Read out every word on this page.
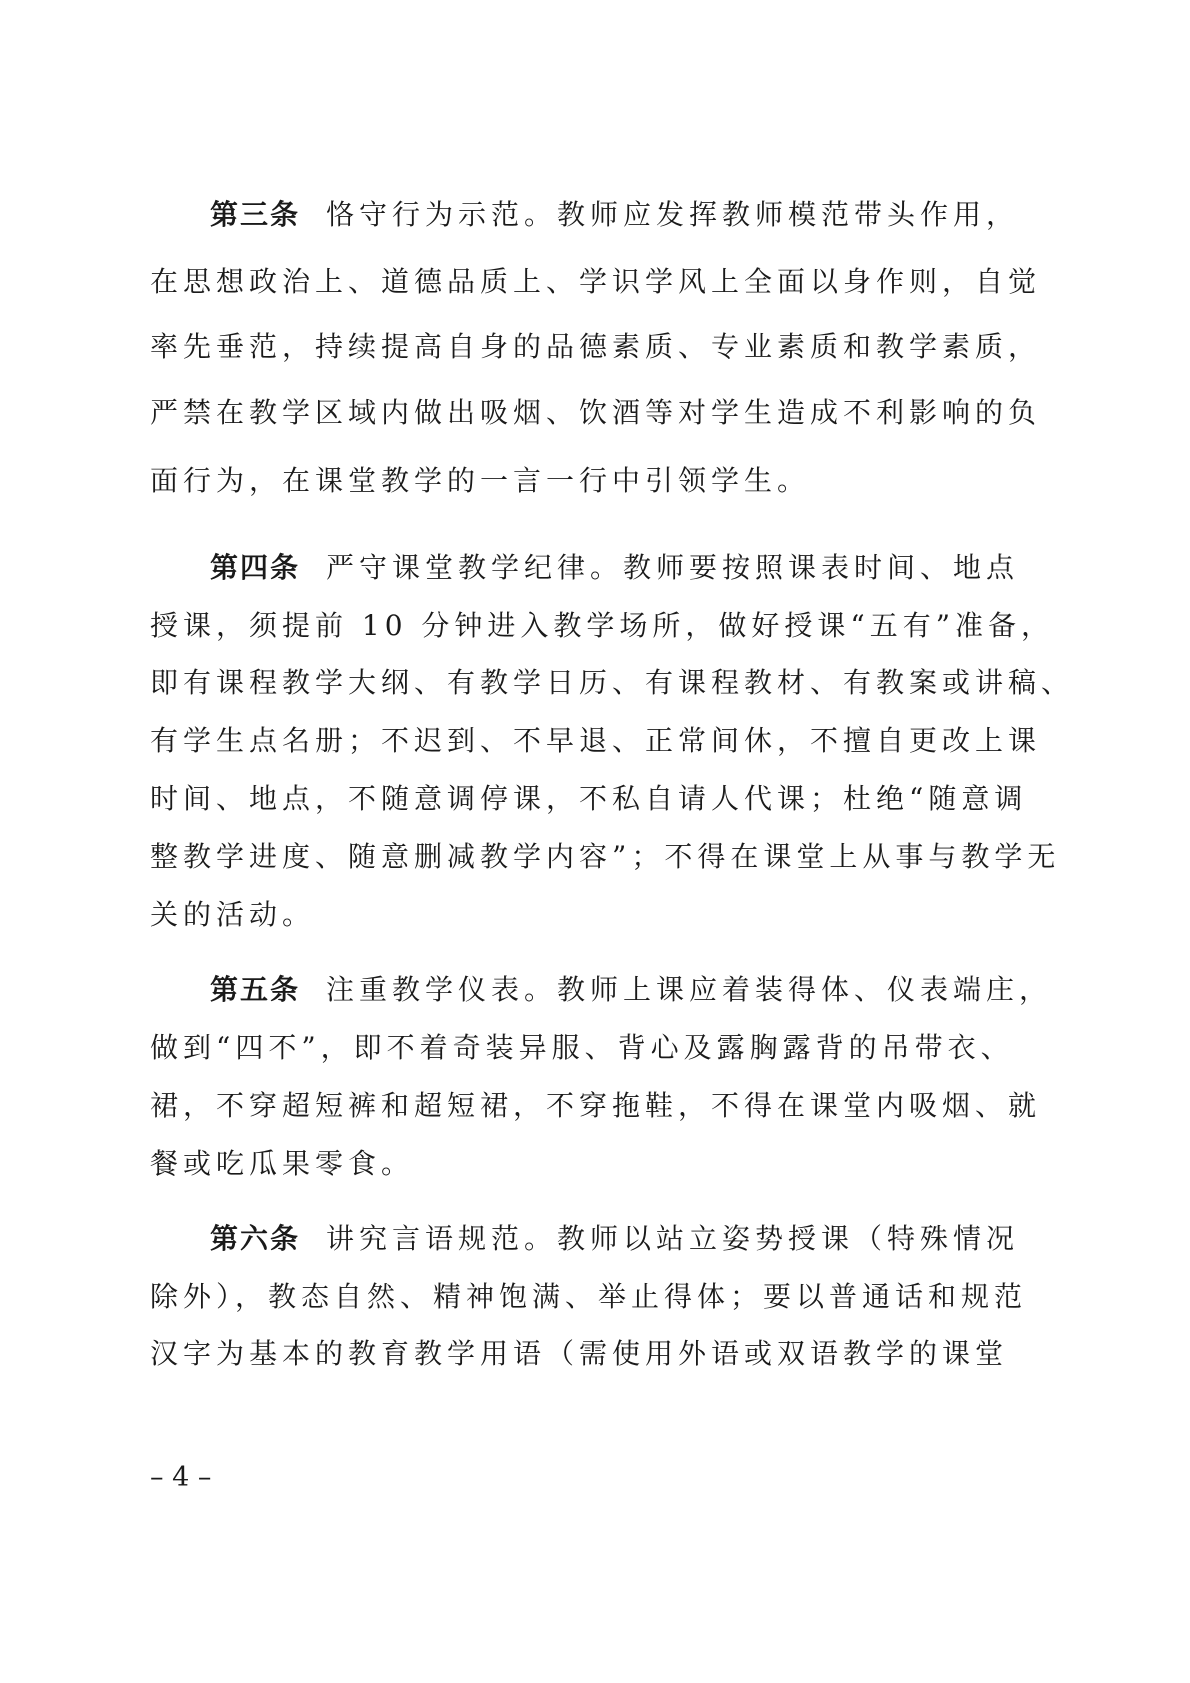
第三条 恪守行为示范。教师应发挥教师模范带头作用，
在思想政治上、道德品质上、学识学风上全面以身作则，自觉
率先垂范，持续提高自身的品德素质、专业素质和教学素质，
严禁在教学区域内做出吸烟、饮酒等对学生造成不利影响的负
面行为，在课堂教学的一言一行中引领学生。
第四条 严守课堂教学纪律。教师要按照课表时间、地点
授课，须提前 10 分钟进入教学场所，做好授课“五有”准备，
即有课程教学大纲、有教学日历、有课程教材、有教案或讲稿、
有学生点名册；不迟到、不早退、正常间休，不擅自更改上课
时间、地点，不随意调停课，不私自请人代课；杜绝“随意调
整教学进度、随意删减教学内容”；不得在课堂上从事与教学无
关的活动。
第五条 注重教学仪表。教师上课应着装得体、仪表端庄，
做到“四不”，即不着奇装异服、背心及露胸露背的吊带衣、
裙，不穿超短裤和超短裙，不穿拖鞋，不得在课堂内吸烟、就
餐或吃瓜果零食。
第六条 讲究言语规范。教师以站立姿势授课（特殊情况
除外），教态自然、精神饱满、举止得体；要以普通话和规范
汉字为基本的教育教学用语（需使用外语或双语教学的课堂
– 4 –
